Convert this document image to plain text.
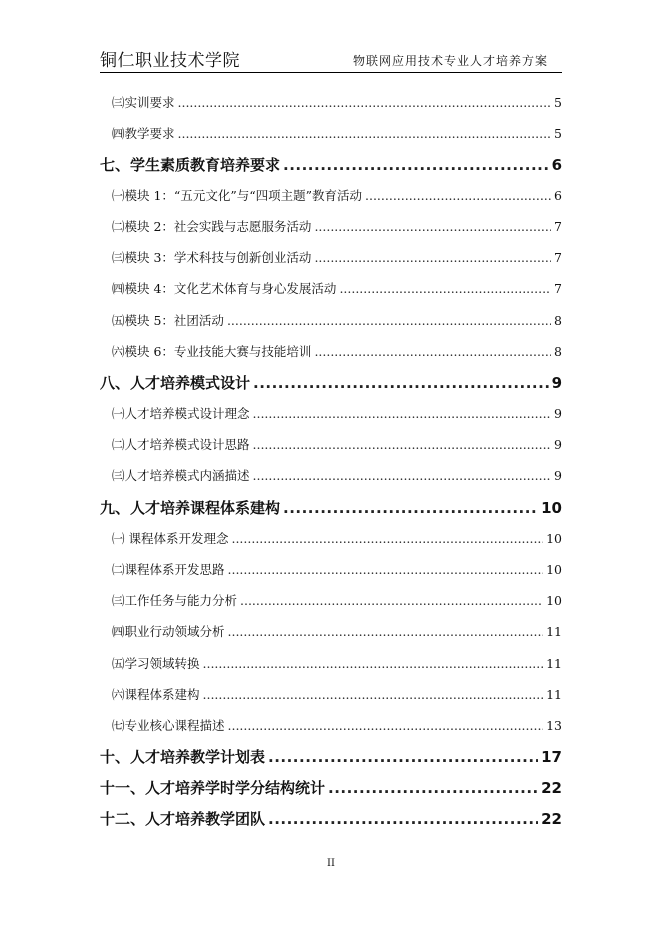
铜仁职业技术学院	物联网应用技术专业人才培养方案
㈢实训要求 .....	5
㈣教学要求 .....	5
七、学生素质教育培养要求 .....	6
㈠模块 1：“五元文化”与“四项主题”教育活动 .....	6
㈡模块 2：社会实践与志愿服务活动 .....	7
㈢模块 3：学术科技与创新创业活动 .....	7
㈣模块 4：文化艺术体育与身心发展活动 .....	7
㈤模块 5：社团活动 .....	8
㈥模块 6：专业技能大赛与技能培训 .....	8
八、人才培养模式设计 .....	9
㈠人才培养模式设计理念 .....	9
㈡人才培养模式设计思路 .....	9
㈢人才培养模式内涵描述 .....	9
九、人才培养课程体系建构 .....	10
㈠ 课程体系开发理念 .....	10
㈡课程体系开发思路 .....	10
㈢工作任务与能力分析 .....	10
㈣职业行动领域分析 .....	11
㈤学习领域转换 .....	11
㈥课程体系建构 .....	11
㈦专业核心课程描述 .....	13
十、人才培养教学计划表 .....	17
十一、人才培养学时学分结构统计 .....	22
十二、人才培养教学团队 .....	22
II
